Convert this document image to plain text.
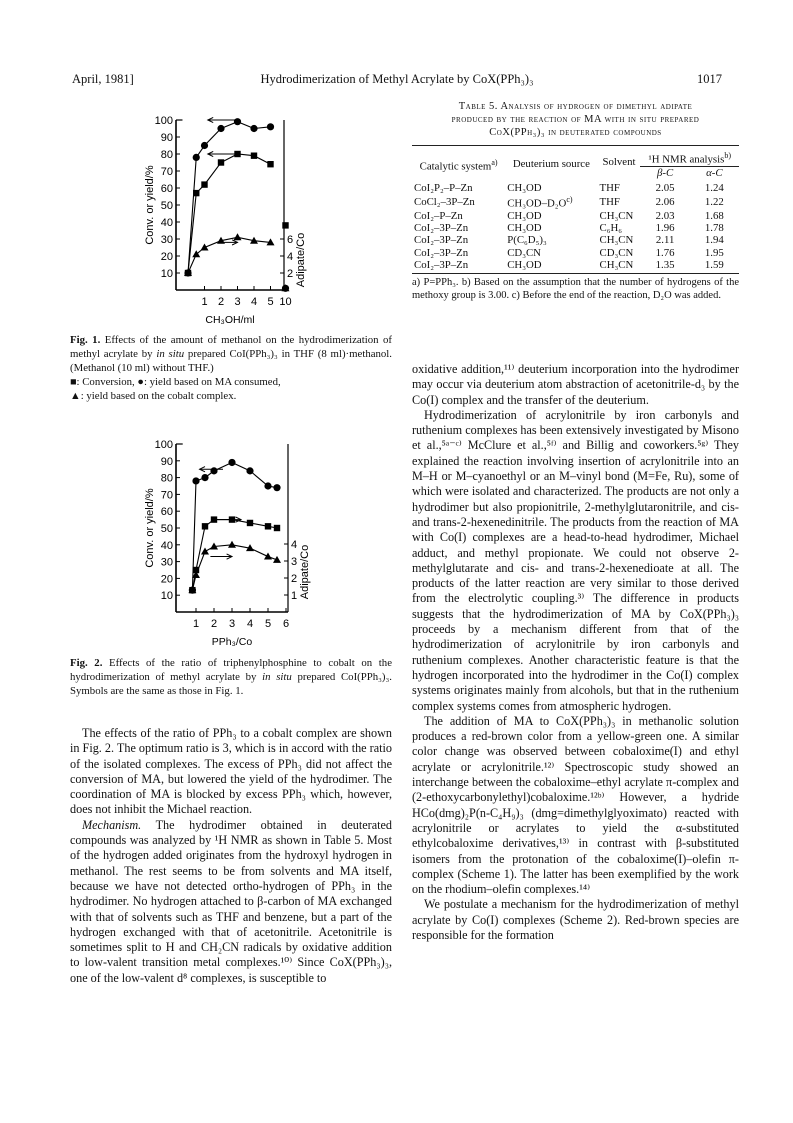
April, 1981]	Hydrodimerization of Methyl Acrylate by CoX(PPh₃)₃	1017
10
20
30
40
50
60
70
80
90
100
1 2 3 4 5 10
2
4
6
CH₃OH/ml
Conv. or yield/%
Adipate/Co
Fig. 1. Effects of the amount of methanol on the hydrodimerization of methyl acrylate by in situ prepared CoI(PPh₃)₃ in THF (8 ml)·methanol. (Methanol (10 ml) without THF.)
■: Conversion, ●: yield based on MA consumed,
▲: yield based on the cobalt complex.
10
20
30
40
50
60
70
80
90
100
1 2 3 4 5 6
1
2
3
4
PPh₃/Co
Conv. or yield/%
Adipate/Co
Fig. 2. Effects of the ratio of triphenylphosphine to cobalt on the hydrodimerization of methyl acrylate by in situ prepared CoI(PPh₃)₃. Symbols are the same as those in Fig. 1.

The effects of the ratio of PPh₃ to a cobalt complex are shown in Fig. 2. The optimum ratio is 3, which is in accord with the ratio of the isolated complexes. The excess of PPh₃ did not affect the conversion of MA, but lowered the yield of the hydrodimer. The coordination of MA is blocked by excess PPh₃ which, however, does not inhibit the Michael reaction.

Mechanism. The hydrodimer obtained in deuterated compounds was analyzed by ¹H NMR as shown in Table 5. Most of the hydrogen added originates from the hydroxyl hydrogen in methanol. The rest seems to be from solvents and MA itself, because we have not detected ortho-hydrogen of PPh₃ in the hydrodimer. No hydrogen attached to β-carbon of MA exchanged with that of solvents such as THF and benzene, but a part of the hydrogen exchanged with that of acetonitrile. Acetonitrile is sometimes split to H and CH₂CN radicals by oxidative addition to low-valent transition metal complexes.¹⁰⁾ Since CoX(PPh₃)₃, one of the low-valent d⁸ complexes, is susceptible to

Table 5. Analysis of hydrogen of dimethyl adipate
produced by the reaction of MA with in situ prepared
CoX(PPh₃)₃ in deuterated compounds
Catalytic system$^{a)}$	Deuterium source	Solvent	¹H NMR analysis$^{b)}$
			β-C	α-C
CoI₂P₂–P–Zn	CH₃OD	THF	2.05	1.24
CoCl₂–3P–Zn	CH₃OD–$D_2O^{c)}$	THF	2.06	1.22
CoI₂–P–Zn	CH₃OD	CH₃CN	2.03	1.68
CoI₂–3P–Zn	CH₃OD	C₆H₆	1.96	1.78
CoI₂–3P–Zn	P(C₆D₅)₃	CH₃CN	2.11	1.94
CoI₂–3P–Zn	CD₃CN	CD₃CN	1.76	1.95
CoI₂–3P–Zn	CH₃OD	CH₃CN	1.35	1.59
a) P=PPh₃. b) Based on the assumption that the number of hydrogens of the methoxy group is 3.00. c) Before the end of the reaction, D₂O was added.

oxidative addition,¹¹⁾ deuterium incorporation into the hydrodimer may occur via deuterium atom abstraction of acetonitrile-d₃ by the Co(I) complex and the transfer of the deuterium.

Hydrodimerization of acrylonitrile by iron carbonyls and ruthenium complexes has been extensively investigated by Misono et al.,⁵ᵃ⁻ᶜ⁾ McClure et al.,⁵ᶠ⁾ and Billig and coworkers.⁵ᵍ⁾ They explained the reaction involving insertion of acrylonitrile into an M–H or M–cyanoethyl or an M–vinyl bond (M=Fe, Ru), some of which were isolated and characterized. The products are not only a hydrodimer but also propionitrile, 2-methylglutaronitrile, and cis- and trans-2-hexenedinitrile. The products from the reaction of MA with Co(I) complexes are a head-to-head hydrodimer, Michael adduct, and methyl propionate. We could not observe 2-methylglutarate and cis- and trans-2-hexenedioate at all. The products of the latter reaction are very similar to those derived from the electrolytic coupling.³⁾ The difference in products suggests that the hydrodimerization of MA by CoX(PPh₃)₃ proceeds by a mechanism different from that of the hydrodimerization of acrylonitrile by iron carbonyls and ruthenium complexes. Another characteristic feature is that the hydrogen incorporated into the hydrodimer in the Co(I) complex systems originates mainly from alcohols, but that in the ruthenium complex systems comes from atmospheric hydrogen.

The addition of MA to CoX(PPh₃)₃ in methanolic solution produces a red-brown color from a yellow-green one. A similar color change was observed between cobaloxime(I) and ethyl acrylate or acrylonitrile.¹²⁾ Spectroscopic study showed an interchange between the cobaloxime–ethyl acrylate π-complex and (2-ethoxycarbonylethyl)cobaloxime.¹²ᵇ⁾ However, a hydride HCo(dmg)₂P(n-C₄H₉)₃ (dmg=dimethylglyoximato) reacted with acrylonitrile or acrylates to yield the α-substituted ethylcobaloxime derivatives,¹³⁾ in contrast with β-substituted isomers from the protonation of the cobaloxime(I)–olefin π-complex (Scheme 1). The latter has been exemplified by the work on the rhodium–olefin complexes.¹⁴⁾

We postulate a mechanism for the hydrodimerization of methyl acrylate by Co(I) complexes (Scheme 2). Red-brown species are responsible for the formation
